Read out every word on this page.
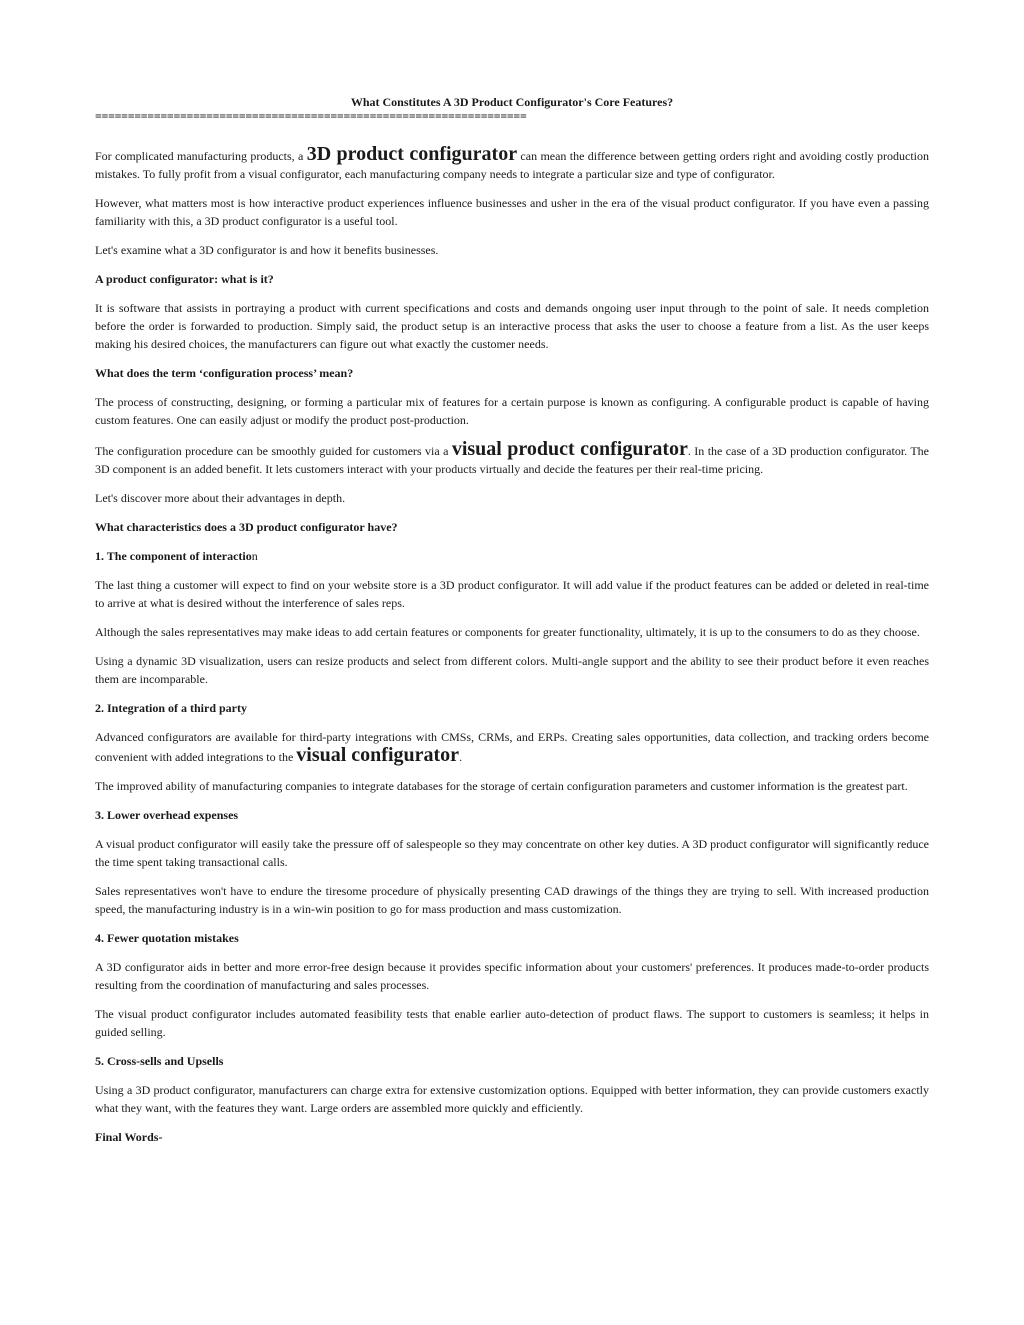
What Constitutes A 3D Product Configurator's Core Features?

==================================================================

For complicated manufacturing products, a 3D product configurator can mean the difference between getting orders right and avoiding costly production mistakes. To fully profit from a visual configurator, each manufacturing company needs to integrate a particular size and type of configurator.

However, what matters most is how interactive product experiences influence businesses and usher in the era of the visual product configurator. If you have even a passing familiarity with this, a 3D product configurator is a useful tool.

Let's examine what a 3D configurator is and how it benefits businesses.

A product configurator: what is it?

It is software that assists in portraying a product with current specifications and costs and demands ongoing user input through to the point of sale. It needs completion before the order is forwarded to production. Simply said, the product setup is an interactive process that asks the user to choose a feature from a list. As the user keeps making his desired choices, the manufacturers can figure out what exactly the customer needs.

What does the term ‘configuration process’ mean?

The process of constructing, designing, or forming a particular mix of features for a certain purpose is known as configuring. A configurable product is capable of having custom features. One can easily adjust or modify the product post-production.

The configuration procedure can be smoothly guided for customers via a visual product configurator. In the case of a 3D production configurator. The 3D component is an added benefit. It lets customers interact with your products virtually and decide the features per their real-time pricing.

Let's discover more about their advantages in depth.

What characteristics does a 3D product configurator have?

1. The component of interaction

The last thing a customer will expect to find on your website store is a 3D product configurator. It will add value if the product features can be added or deleted in real-time to arrive at what is desired without the interference of sales reps.

Although the sales representatives may make ideas to add certain features or components for greater functionality, ultimately, it is up to the consumers to do as they choose.

Using a dynamic 3D visualization, users can resize products and select from different colors. Multi-angle support and the ability to see their product before it even reaches them are incomparable.

2. Integration of a third party

Advanced configurators are available for third-party integrations with CMSs, CRMs, and ERPs. Creating sales opportunities, data collection, and tracking orders become convenient with added integrations to the visual configurator.

The improved ability of manufacturing companies to integrate databases for the storage of certain configuration parameters and customer information is the greatest part.

3. Lower overhead expenses

A visual product configurator will easily take the pressure off of salespeople so they may concentrate on other key duties. A 3D product configurator will significantly reduce the time spent taking transactional calls.

Sales representatives won't have to endure the tiresome procedure of physically presenting CAD drawings of the things they are trying to sell. With increased production speed, the manufacturing industry is in a win-win position to go for mass production and mass customization.

4. Fewer quotation mistakes

A 3D configurator aids in better and more error-free design because it provides specific information about your customers' preferences. It produces made-to-order products resulting from the coordination of manufacturing and sales processes.

The visual product configurator includes automated feasibility tests that enable earlier auto-detection of product flaws. The support to customers is seamless; it helps in guided selling.

5. Cross-sells and Upsells

Using a 3D product configurator, manufacturers can charge extra for extensive customization options. Equipped with better information, they can provide customers exactly what they want, with the features they want. Large orders are assembled more quickly and efficiently.

Final Words-
